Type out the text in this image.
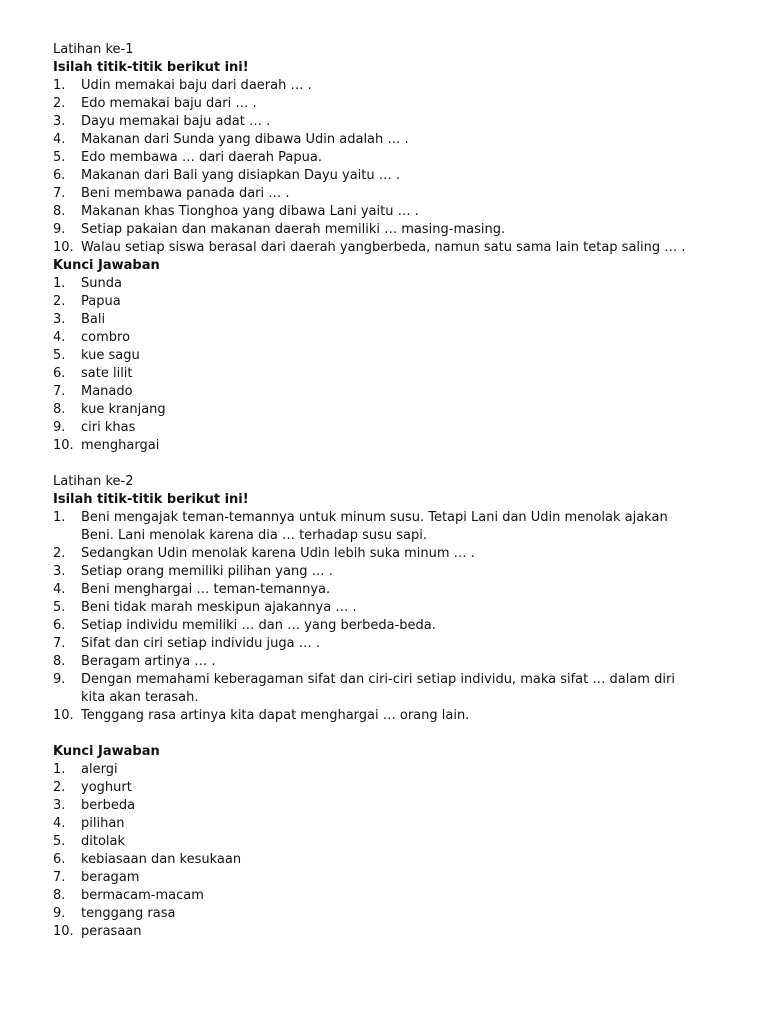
Latihan ke-1

Isilah titik-titik berikut ini!

1. Udin memakai baju dari daerah … .
2. Edo memakai baju dari … .
3. Dayu memakai baju adat … .
4. Makanan dari Sunda yang dibawa Udin adalah … .
5. Edo membawa … dari daerah Papua.
6. Makanan dari Bali yang disiapkan Dayu yaitu … .
7. Beni membawa panada dari … .
8. Makanan khas Tionghoa yang dibawa Lani yaitu … .
9. Setiap pakaian dan makanan daerah memiliki … masing-masing.
10. Walau setiap siswa berasal dari daerah yangberbeda, namun satu sama lain tetap saling … .

Kunci Jawaban

1. Sunda
2. Papua
3. Bali
4. combro
5. kue sagu
6. sate lilit
7. Manado
8. kue kranjang
9. ciri khas
10. menghargai

Latihan ke-2

Isilah titik-titik berikut ini!

1. Beni mengajak teman-temannya untuk minum susu. Tetapi Lani dan Udin menolak ajakan
Beni. Lani menolak karena dia … terhadap susu sapi.
2. Sedangkan Udin menolak karena Udin lebih suka minum … .
3. Setiap orang memiliki pilihan yang … .
4. Beni menghargai … teman-temannya.
5. Beni tidak marah meskipun ajakannya … .
6. Setiap individu memiliki … dan … yang berbeda-beda.
7. Sifat dan ciri setiap individu juga … .
8. Beragam artinya … .
9. Dengan memahami keberagaman sifat dan ciri-ciri setiap individu, maka sifat … dalam diri
kita akan terasah.
10. Tenggang rasa artinya kita dapat menghargai … orang lain.

Kunci Jawaban

1. alergi
2. yoghurt
3. berbeda
4. pilihan
5. ditolak
6. kebiasaan dan kesukaan
7. beragam
8. bermacam-macam
9. tenggang rasa
10. perasaan
